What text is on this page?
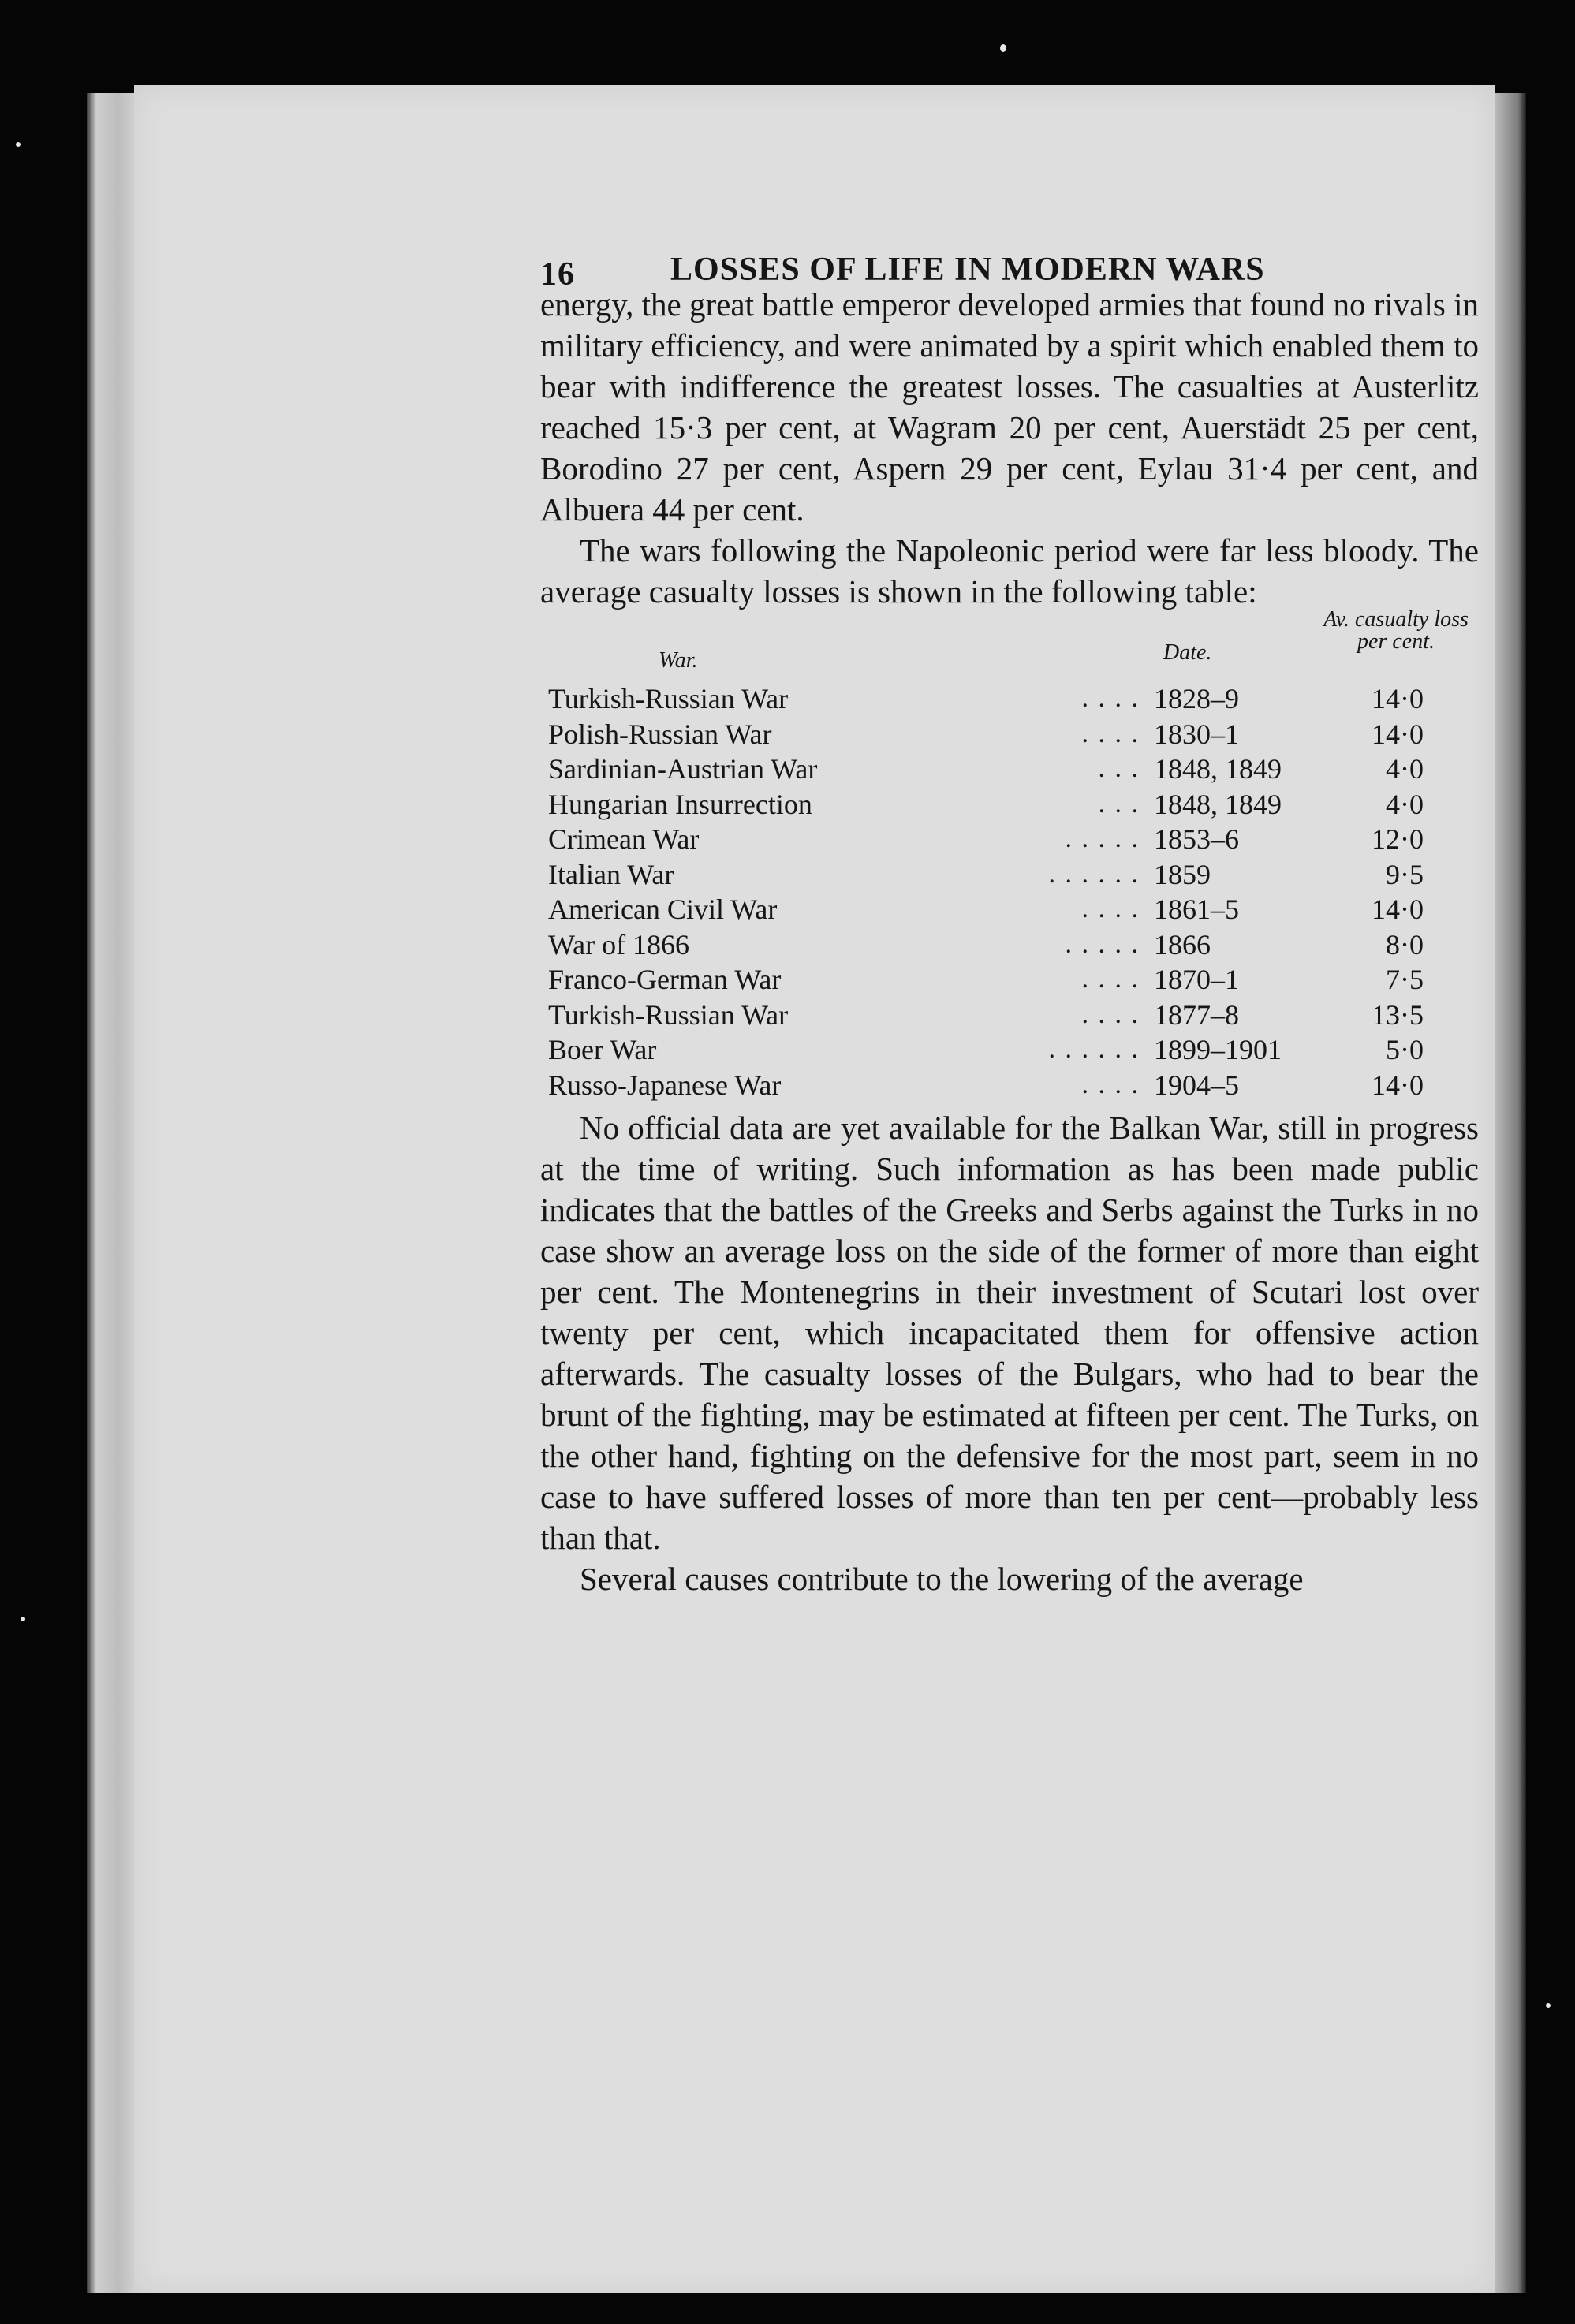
16	LOSSES OF LIFE IN MODERN WARS

energy, the great battle emperor developed armies that found no rivals in military efficiency, and were animated by a spirit which enabled them to bear with indifference the greatest losses. The casualties at Austerlitz reached 15·3 per cent, at Wagram 20 per cent, Auerstädt 25 per cent, Borodino 27 per cent, Aspern 29 per cent, Eylau 31·4 per cent, and Albuera 44 per cent.

The wars following the Napoleonic period were far less bloody. The average casualty losses is shown in the following table:

War.	Date.
Av. casualty loss
per cent.
Turkish-Russian War	. . . . 1828–9	14·0
Polish-Russian War	. . . . 1830–1	14·0
Sardinian-Austrian War	. . . 1848, 1849	4·0
Hungarian Insurrection	. . . 1848, 1849	4·0
Crimean War	. . . . . 1853–6	12·0
Italian War	. . . . . . 1859	9·5
American Civil War	. . . . 1861–5	14·0
War of 1866	. . . . . 1866	8·0
Franco-German War	. . . . 1870–1	7·5
Turkish-Russian War	. . . . 1877–8	13·5
Boer War	. . . . . . 1899–1901	5·0
Russo-Japanese War	. . . . 1904–5	14·0

No official data are yet available for the Balkan War, still in progress at the time of writing. Such information as has been made public indicates that the battles of the Greeks and Serbs against the Turks in no case show an average loss on the side of the former of more than eight per cent. The Montenegrins in their investment of Scutari lost over twenty per cent, which incapacitated them for offensive action afterwards. The casualty losses of the Bulgars, who had to bear the brunt of the fighting, may be estimated at fifteen per cent. The Turks, on the other hand, fighting on the defensive for the most part, seem in no case to have suffered losses of more than ten per cent—probably less than that.

Several causes contribute to the lowering of the average
